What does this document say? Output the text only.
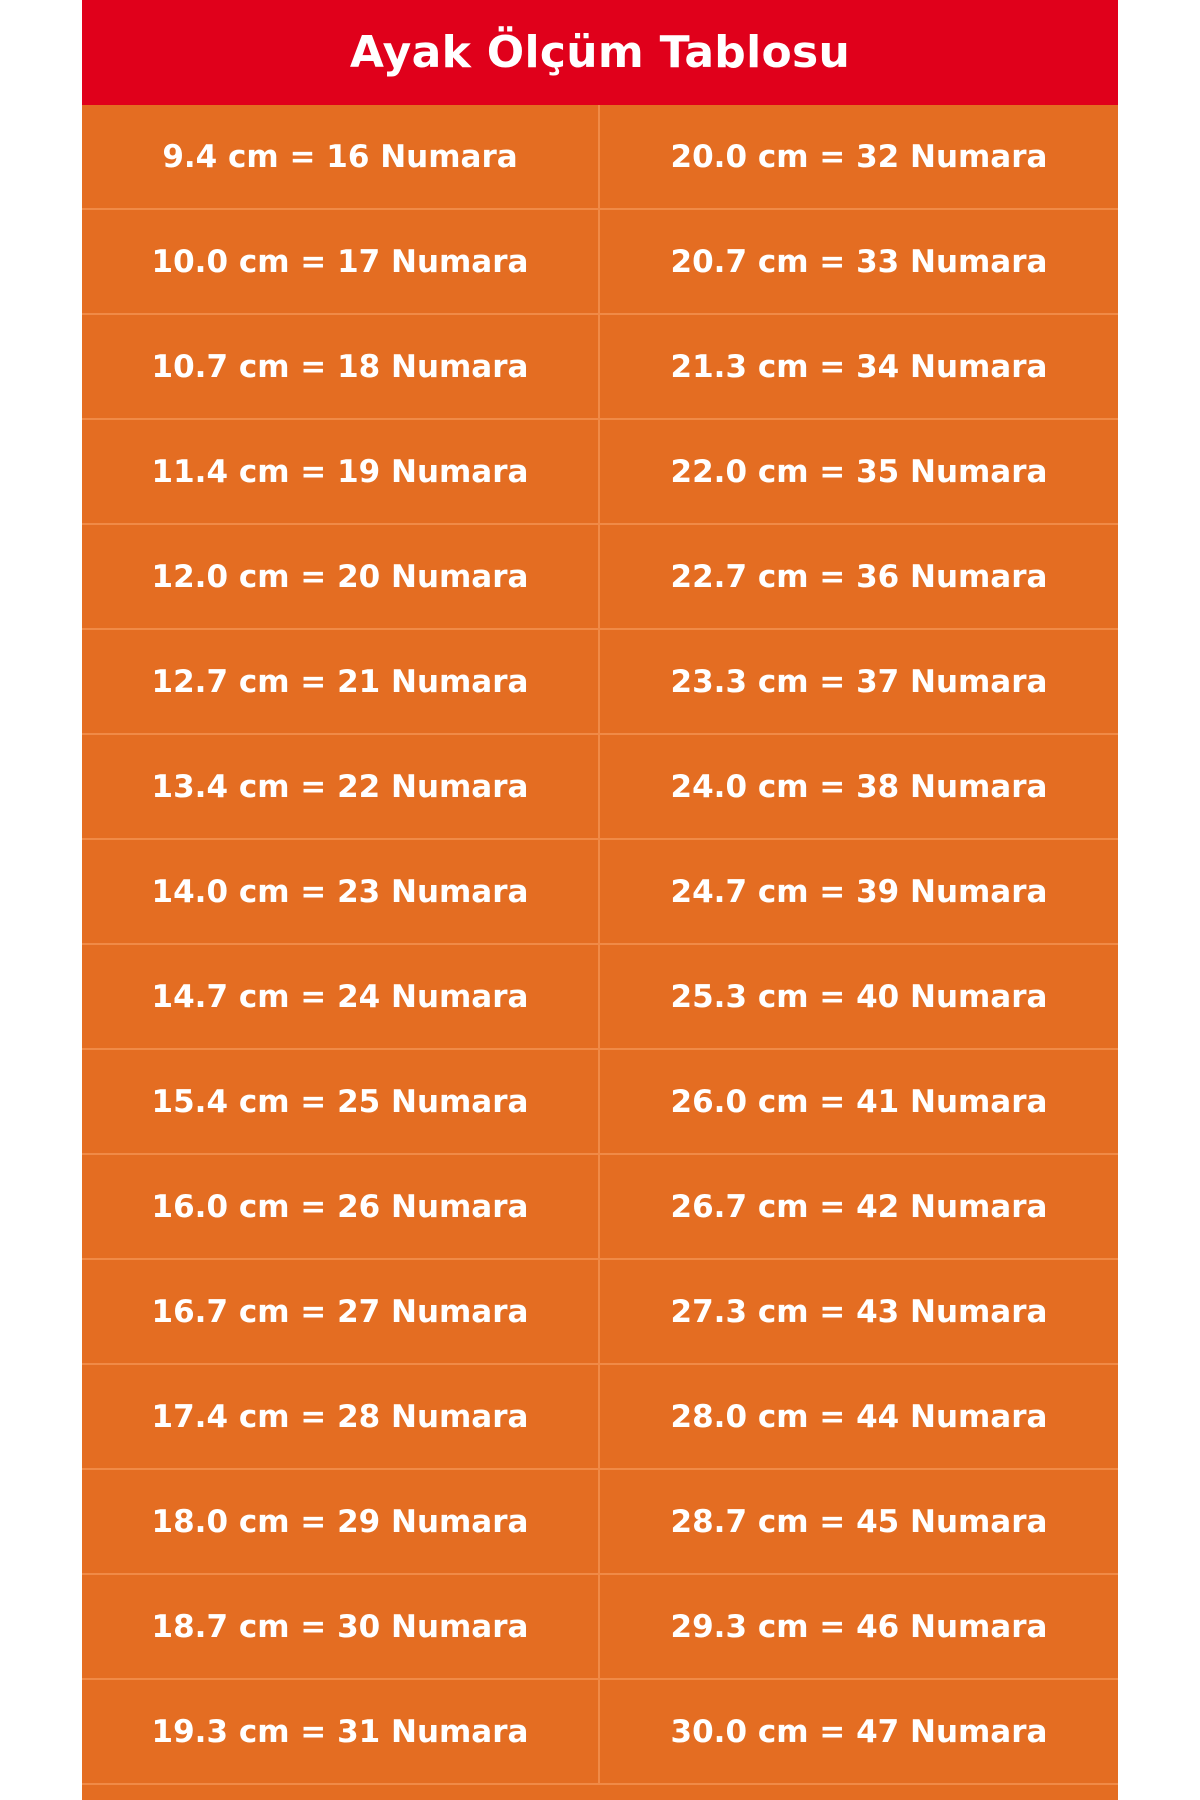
Ayak Ölçüm Tablosu
9.4 cm = 16 Numara	20.0 cm = 32 Numara
10.0 cm = 17 Numara	20.7 cm = 33 Numara
10.7 cm = 18 Numara	21.3 cm = 34 Numara
11.4 cm = 19 Numara	22.0 cm = 35 Numara
12.0 cm = 20 Numara	22.7 cm = 36 Numara
12.7 cm = 21 Numara	23.3 cm = 37 Numara
13.4 cm = 22 Numara	24.0 cm = 38 Numara
14.0 cm = 23 Numara	24.7 cm = 39 Numara
14.7 cm = 24 Numara	25.3 cm = 40 Numara
15.4 cm = 25 Numara	26.0 cm = 41 Numara
16.0 cm = 26 Numara	26.7 cm = 42 Numara
16.7 cm = 27 Numara	27.3 cm = 43 Numara
17.4 cm = 28 Numara	28.0 cm = 44 Numara
18.0 cm = 29 Numara	28.7 cm = 45 Numara
18.7 cm = 30 Numara	29.3 cm = 46 Numara
19.3 cm = 31 Numara	30.0 cm = 47 Numara
